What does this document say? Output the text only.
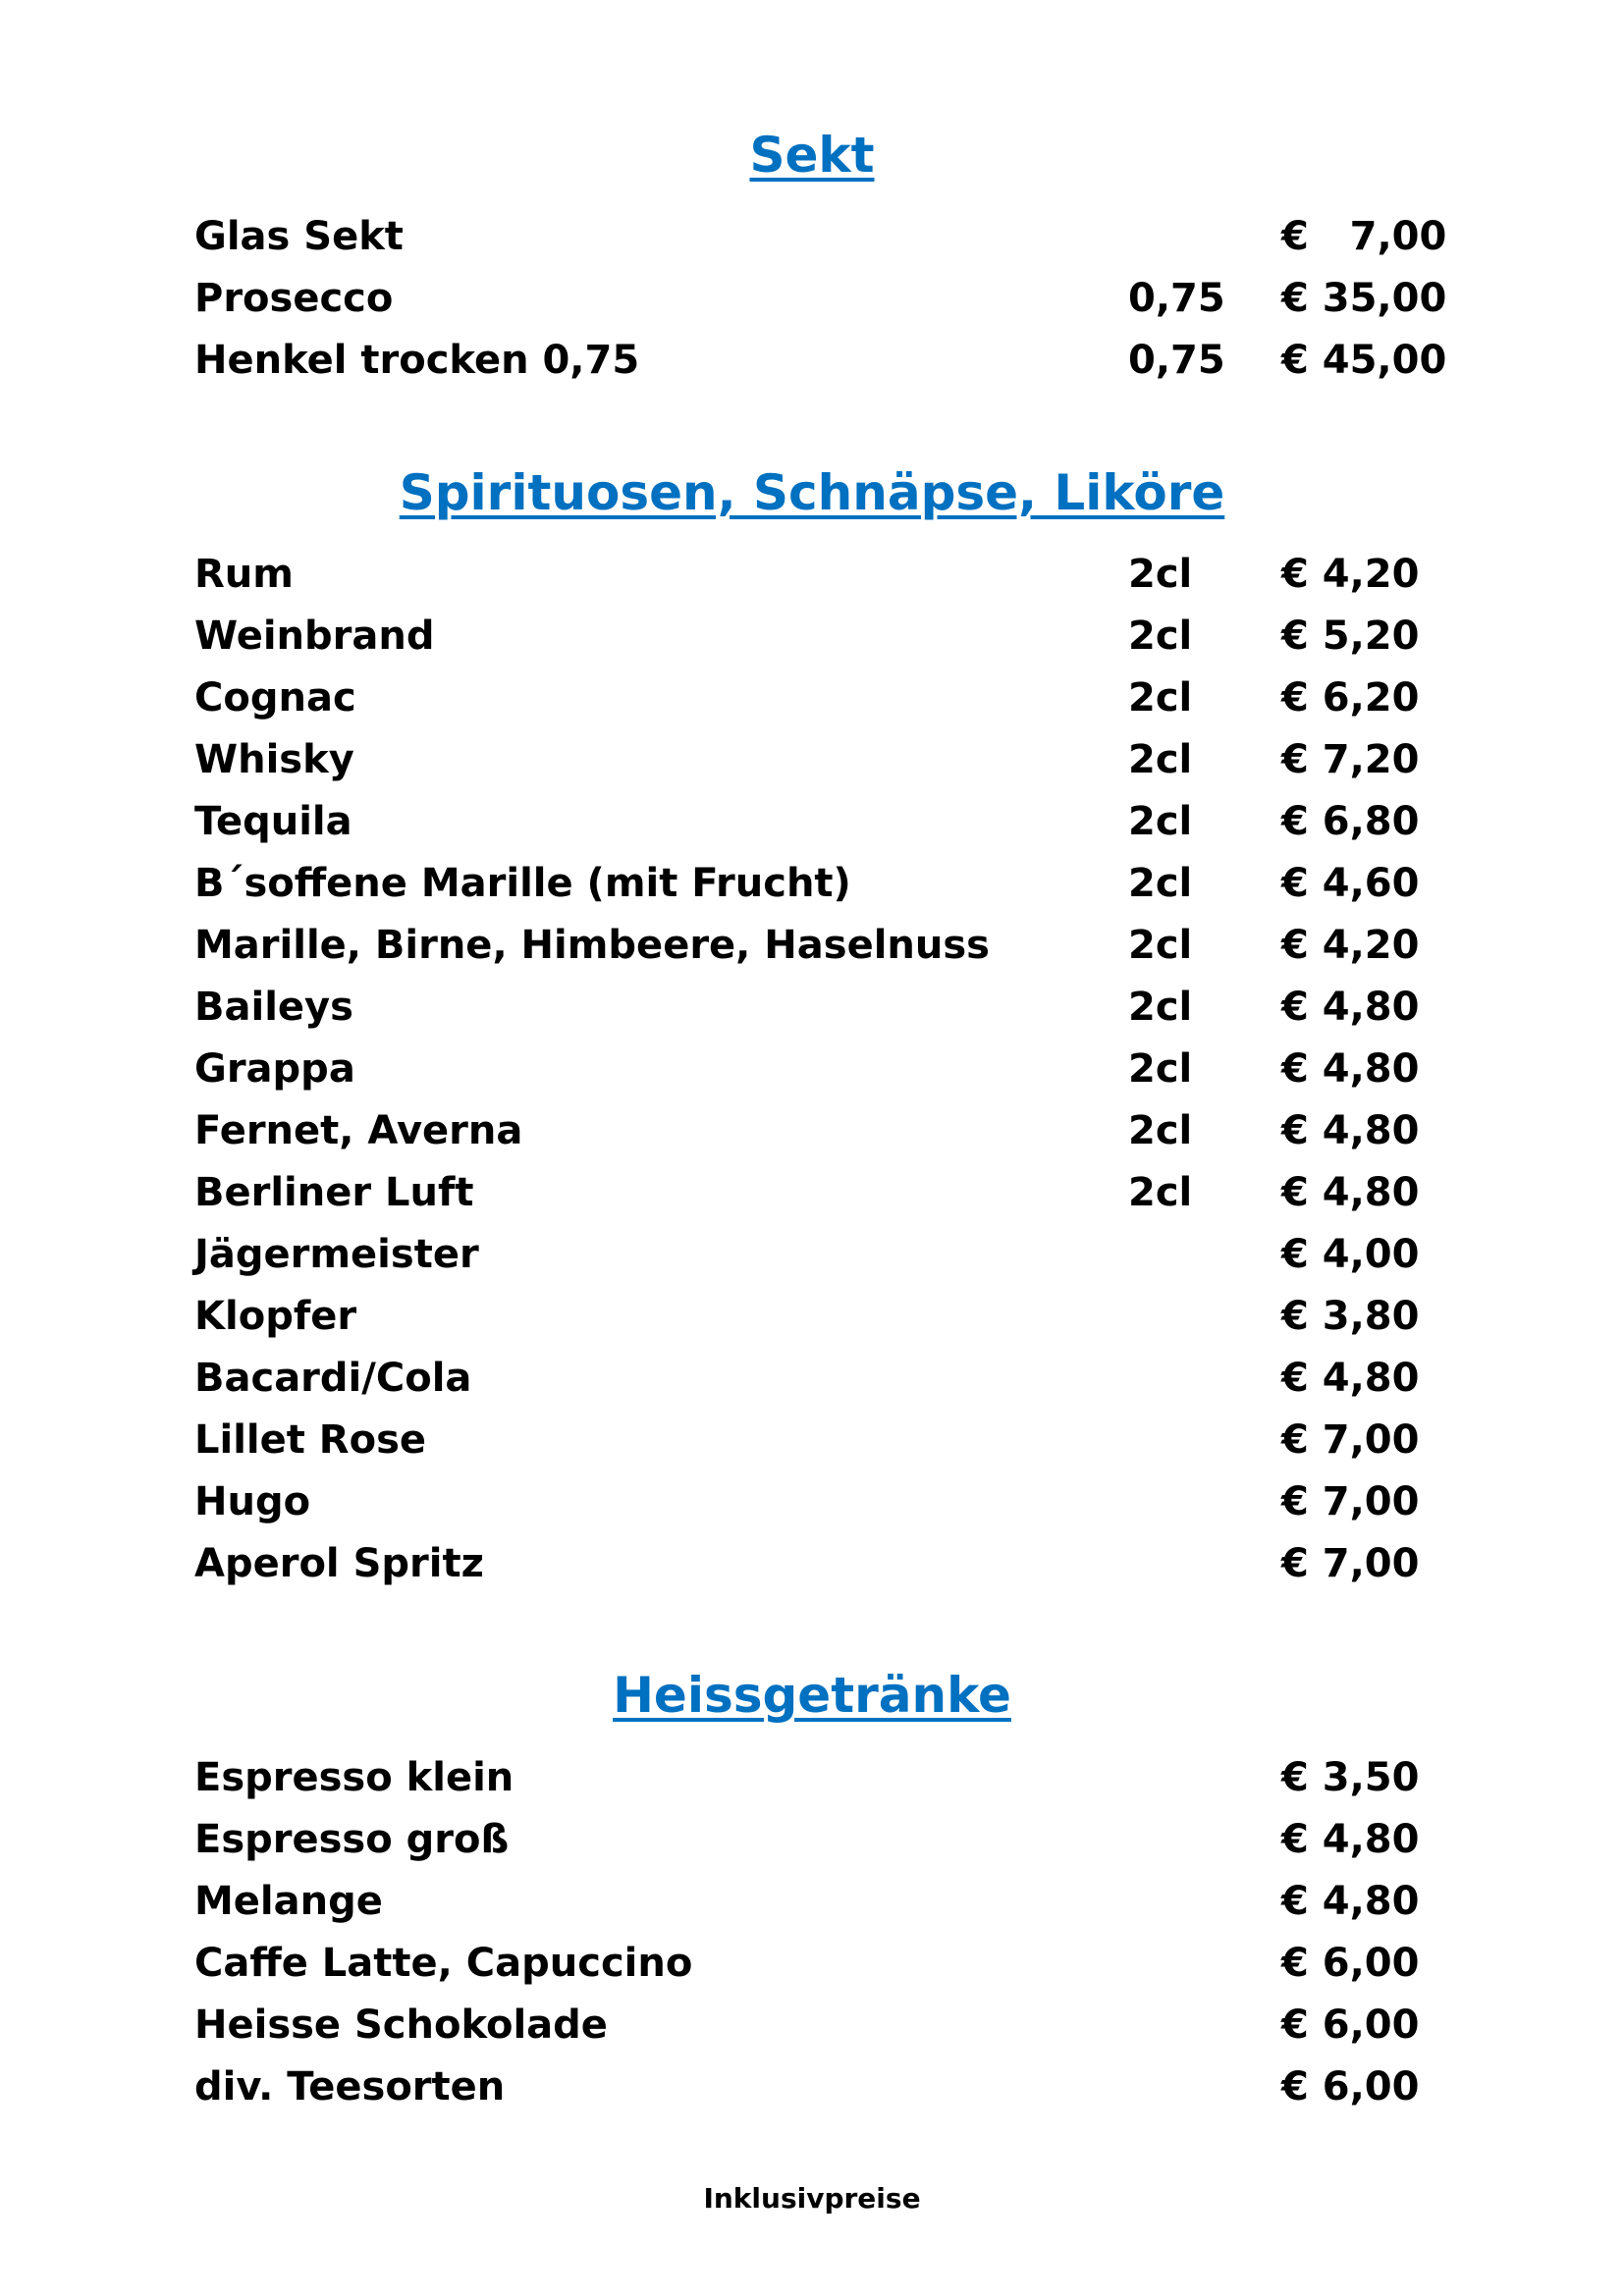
Sekt
Glas Sekt	€   7,00
Prosecco	0,75 € 35,00
Henkel trocken 0,75	0,75 € 45,00
Spirituosen, Schnäpse, Liköre
Rum	2cl € 4,20
Weinbrand	2cl € 5,20
Cognac	2cl € 6,20
Whisky	2cl € 7,20
Tequila	2cl € 6,80
B´soffene Marille (mit Frucht)	2cl € 4,60
Marille, Birne, Himbeere, Haselnuss	2cl € 4,20
Baileys	2cl € 4,80
Grappa	2cl € 4,80
Fernet, Averna	2cl € 4,80
Berliner Luft	2cl € 4,80
Jägermeister	€ 4,00
Klopfer	€ 3,80
Bacardi/Cola	€ 4,80
Lillet Rose	€ 7,00
Hugo	€ 7,00
Aperol Spritz	€ 7,00
Heissgetränke
Espresso klein	€ 3,50
Espresso groß	€ 4,80
Melange	€ 4,80
Caffe Latte, Capuccino	€ 6,00
Heisse Schokolade	€ 6,00
div. Teesorten	€ 6,00
Inklusivpreise
